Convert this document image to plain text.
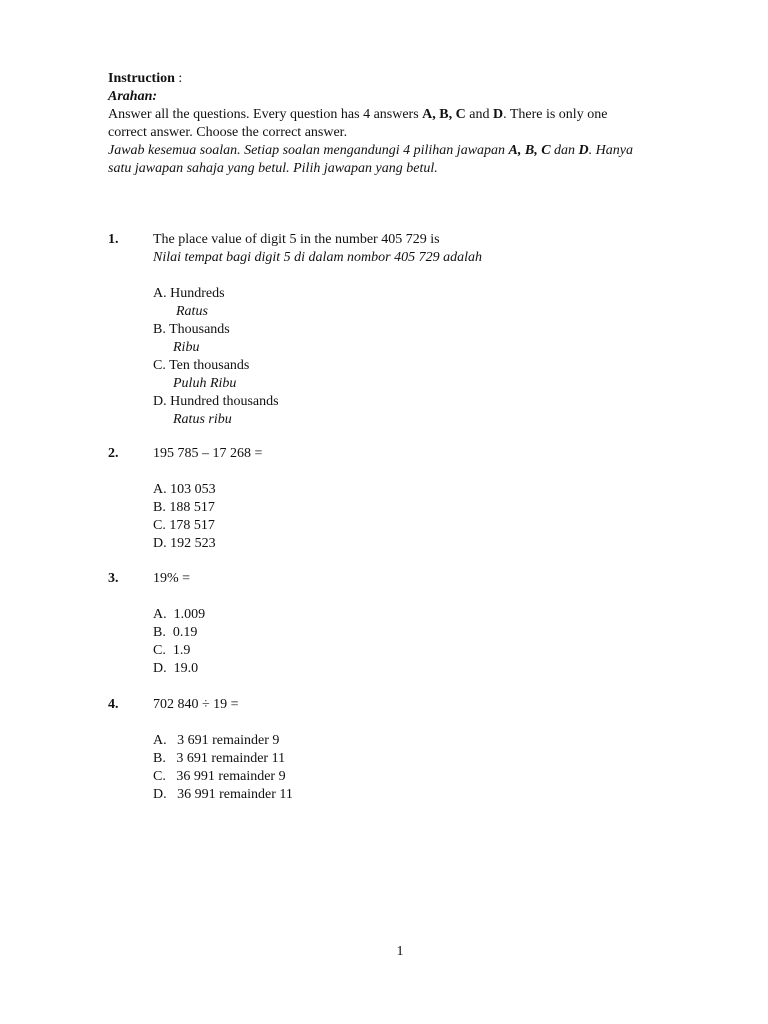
Instruction :
Arahan:
Answer all the questions. Every question has 4 answers A, B, C and D. There is only one
correct answer. Choose the correct answer.
Jawab kesemua soalan. Setiap soalan mengandungi 4 pilihan jawapan A, B, C dan D. Hanya
satu jawapan sahaja yang betul. Pilih jawapan yang betul.
1. The place value of digit 5 in the number 405 729 is
Nilai tempat bagi digit 5 di dalam nombor 405 729 adalah
A. Hundreds
Ratus
B. Thousands
Ribu
C. Ten thousands
Puluh Ribu
D. Hundred thousands
Ratus ribu
2. 195 785 – 17 268 =
A. 103 053
B. 188 517
C. 178 517
D. 192 523
3. 19% =
A.  1.009
B.  0.19
C.  1.9
D.  19.0
4. 702 840 ÷ 19 =
A.   3 691 remainder 9
B.   3 691 remainder 11
C.   36 991 remainder 9
D.   36 991 remainder 11
1
